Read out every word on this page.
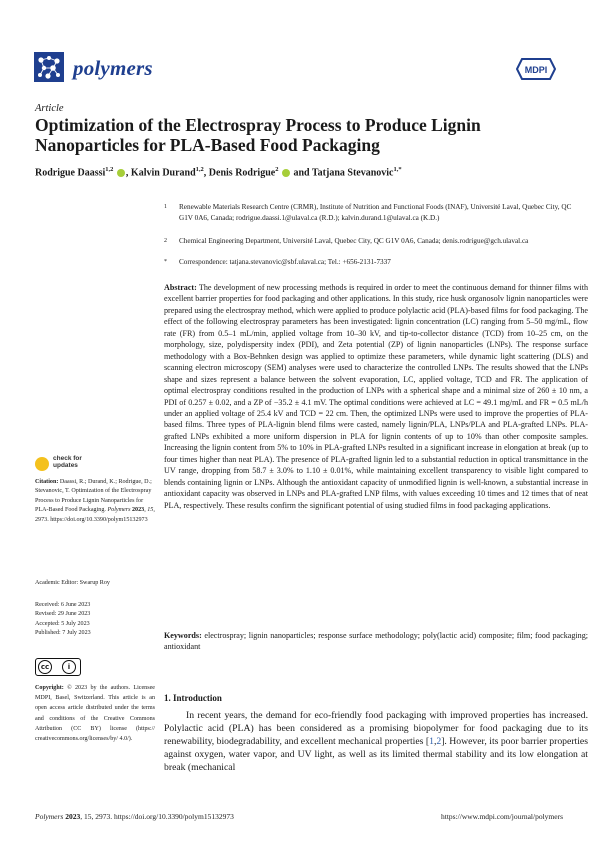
polymers	MDPI
Article
Optimization of the Electrospray Process to Produce Lignin Nanoparticles for PLA-Based Food Packaging
Rodrigue Daassi$^{1,2}$ , Kalvin Durand$^{1,2}$, Denis Rodrigue$^2$  and Tatjana Stevanovic$^{1,*}$
1 Renewable Materials Research Centre (CRMR), Institute of Nutrition and Functional Foods (INAF), Université Laval, Quebec City, QC G1V 0A6, Canada; rodrigue.daassi.1@ulaval.ca (R.D.); kalvin.durand.1@ulaval.ca (K.D.)
2 Chemical Engineering Department, Université Laval, Quebec City, QC G1V 0A6, Canada; denis.rodrigue@gch.ulaval.ca
* Correspondence: tatjana.stevanovic@sbf.ulaval.ca; Tel.: +656-2131-7337
check for
updates
Citation: Daassi, R.; Durand, K.; Rodrigue, D.; Stevanovic, T. Optimization of the Electrospray Process to Produce Lignin Nanoparticles for PLA-Based Food Packaging. Polymers 2023, 15, 2973. https://doi.org/10.3390/polym15132973
Academic Editor: Swarup Roy
Received: 6 June 2023
Revised: 29 June 2023
Accepted: 5 July 2023
Published: 7 July 2023
cc	i
Copyright: © 2023 by the authors. Licensee MDPI, Basel, Switzerland. This article is an open access article distributed under the terms and conditions of the Creative Commons Attribution (CC BY) license (https:// creativecommons.org/licenses/by/ 4.0/).
Abstract: The development of new processing methods is required in order to meet the continuous demand for thinner films with excellent barrier properties for food packaging and other applications. In this study, rice husk organosolv lignin nanoparticles were prepared using the electrospray method, which were applied to produce polylactic acid (PLA)-based films for food packaging. The effect of the following electrospray parameters has been investigated: lignin concentration (LC) ranging from 5–50 mg/mL, flow rate (FR) from 0.5–1 mL/min, applied voltage from 10–30 kV, and tip-to-collector distance (TCD) from 10–25 cm, on the morphology, size, polydispersity index (PDI), and Zeta potential (ZP) of lignin nanoparticles (LNPs). The response surface methodology with a Box-Behnken design was applied to optimize these parameters, while dynamic light scattering (DLS) and scanning electron microscopy (SEM) analyses were used to characterize the controlled LNPs. The results showed that the LNPs shape and sizes represent a balance between the solvent evaporation, LC, applied voltage, TCD and FR. The application of optimal electrospray conditions resulted in the production of LNPs with a spherical shape and a minimal size of 260 ± 10 nm, a PDI of 0.257 ± 0.02, and a ZP of −35.2 ± 4.1 mV. The optimal conditions were achieved at LC = 49.1 mg/mL and FR = 0.5 mL/h under an applied voltage of 25.4 kV and TCD = 22 cm. Then, the optimized LNPs were used to improve the properties of PLA-based films. Three types of PLA-lignin blend films were casted, namely lignin/PLA, LNPs/PLA and PLA-grafted LNPs. PLA-grafted LNPs exhibited a more uniform dispersion in PLA for lignin contents of up to 10% than other composite samples. Increasing the lignin content from 5% to 10% in PLA-grafted LNPs resulted in a significant increase in elongation at break (up to four times higher than neat PLA). The presence of PLA-grafted lignin led to a substantial reduction in optical transmittance in the UV range, dropping from 58.7 ± 3.0% to 1.10 ± 0.01%, while maintaining excellent transparency to visible light compared to blends containing lignin or LNPs. Although the antioxidant capacity of unmodified lignin is well-known, a substantial increase in antioxidant capacity was observed in LNPs and PLA-grafted LNP films, with values exceeding 10 times and 12 times that of neat PLA, respectively. These results confirm the significant potential of using studied films in food packaging applications.
Keywords: electrospray; lignin nanoparticles; response surface methodology; poly(lactic acid) composite; film; food packaging; antioxidant
1. Introduction
In recent years, the demand for eco-friendly food packaging with improved properties has increased. Polylactic acid (PLA) has been considered as a promising biopolymer for food packaging due to its renewability, biodegradability, and excellent mechanical properties [1,2]. However, its poor barrier properties against oxygen, water vapor, and UV light, as well as its limited thermal stability and its low elongation at break (mechanical
Polymers 2023, 15, 2973. https://doi.org/10.3390/polym15132973	https://www.mdpi.com/journal/polymers
